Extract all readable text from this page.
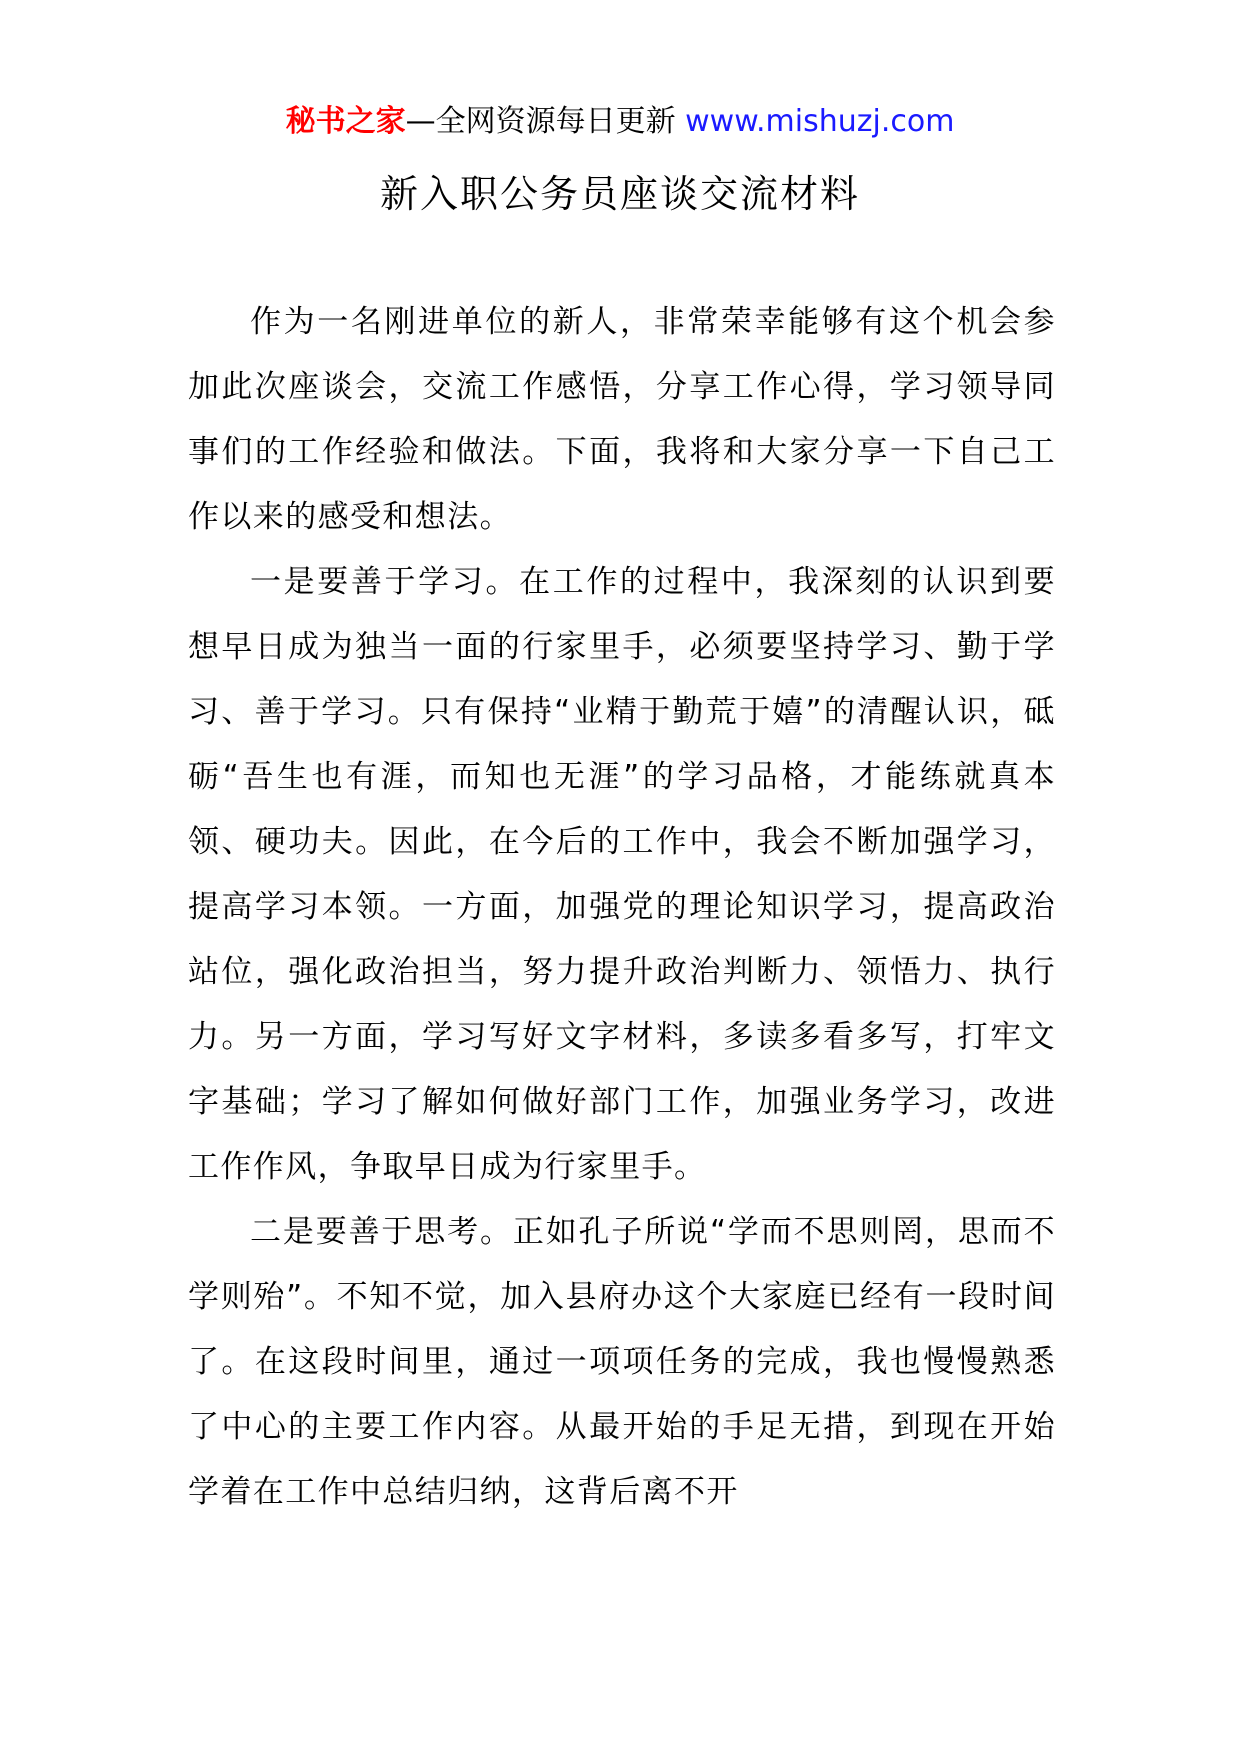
秘书之家—全网资源每日更新 www.mishuzj.com
新入职公务员座谈交流材料

作为一名刚进单位的新人，非常荣幸能够有这个机会参加此次座谈会，交流工作感悟，分享工作心得，学习领导同事们的工作经验和做法。下面，我将和大家分享一下自己工作以来的感受和想法。

一是要善于学习。在工作的过程中，我深刻的认识到要想早日成为独当一面的行家里手，必须要坚持学习、勤于学习、善于学习。只有保持“业精于勤荒于嬉”的清醒认识，砥砺“吾生也有涯，而知也无涯”的学习品格，才能练就真本领、硬功夫。因此，在今后的工作中，我会不断加强学习，提高学习本领。一方面，加强党的理论知识学习，提高政治站位，强化政治担当，努力提升政治判断力、领悟力、执行力。另一方面，学习写好文字材料，多读多看多写，打牢文字基础；学习了解如何做好部门工作，加强业务学习，改进工作作风，争取早日成为行家里手。

二是要善于思考。正如孔子所说“学而不思则罔，思而不学则殆”。不知不觉，加入县府办这个大家庭已经有一段时间了。在这段时间里，通过一项项任务的完成，我也慢慢熟悉了中心的主要工作内容。从最开始的手足无措，到现在开始学着在工作中总结归纳，这背后离不开
